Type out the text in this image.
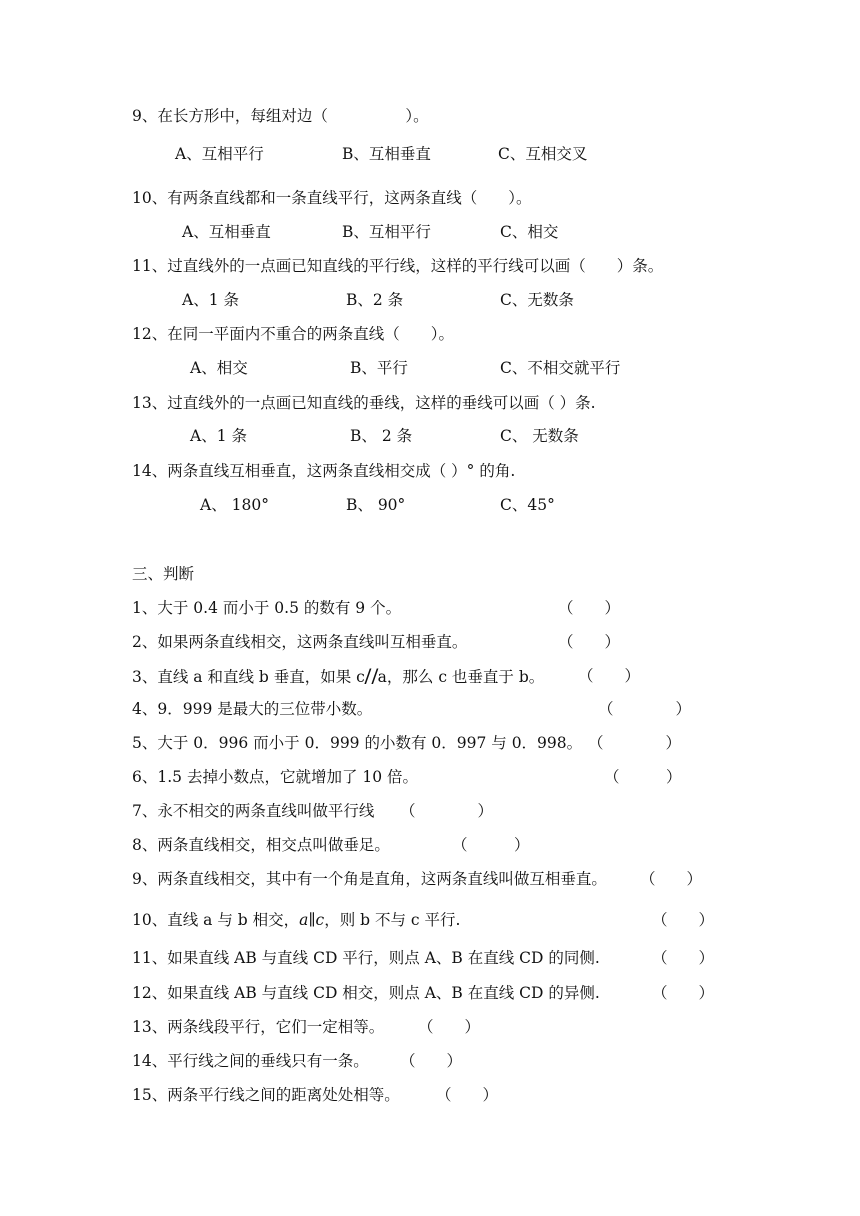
9、在长方形中，每组对边（　　　　　）。
A、互相平行	B、互相垂直	C、互相交叉
10、有两条直线都和一条直线平行，这两条直线（　　）。
A、互相垂直	B、互相平行	C、相交
11、过直线外的一点画已知直线的平行线，这样的平行线可以画（　　）条。
A、1 条	B、2 条	C、无数条
12、在同一平面内不重合的两条直线（　　）。
A、相交	B、平行	C、不相交就平行
13、过直线外的一点画已知直线的垂线，这样的垂线可以画（ ）条.
A、1 条	B、 2 条	C、 无数条
14、两条直线互相垂直，这两条直线相交成（ ）° 的角.
A、 180°	B、 90°	C、45°
三、判断
1、大于 0.4 而小于 0.5 的数有 9 个。	（　　）
2、如果两条直线相交，这两条直线叫互相垂直。	（　　）
3、直线 a 和直线 b 垂直，如果 c//a，那么 c 也垂直于 b。 （　　）
4、9．999 是最大的三位带小数。	（　　　　）
5、大于 0．996 而小于 0．999 的小数有 0．997 与 0．998。 （　　　　）
6、1.5 去掉小数点，它就增加了 10 倍。	（　　　）
7、永不相交的两条直线叫做平行线 （　　　　）
8、两条直线相交，相交点叫做垂足。	（　　　）
9、两条直线相交，其中有一个角是直角，这两条直线叫做互相垂直。 （　　）
10、直线 a 与 b 相交，a∥c，则 b 不与 c 平行.	（　　）
11、如果直线 AB 与直线 CD 平行，则点 A、B 在直线 CD 的同侧.	（　　）
12、如果直线 AB 与直线 CD 相交，则点 A、B 在直线 CD 的异侧.	（　　）
13、两条线段平行，它们一定相等。 （　　）
14、平行线之间的垂线只有一条。 （　　）
15、两条平行线之间的距离处处相等。 （　　）
